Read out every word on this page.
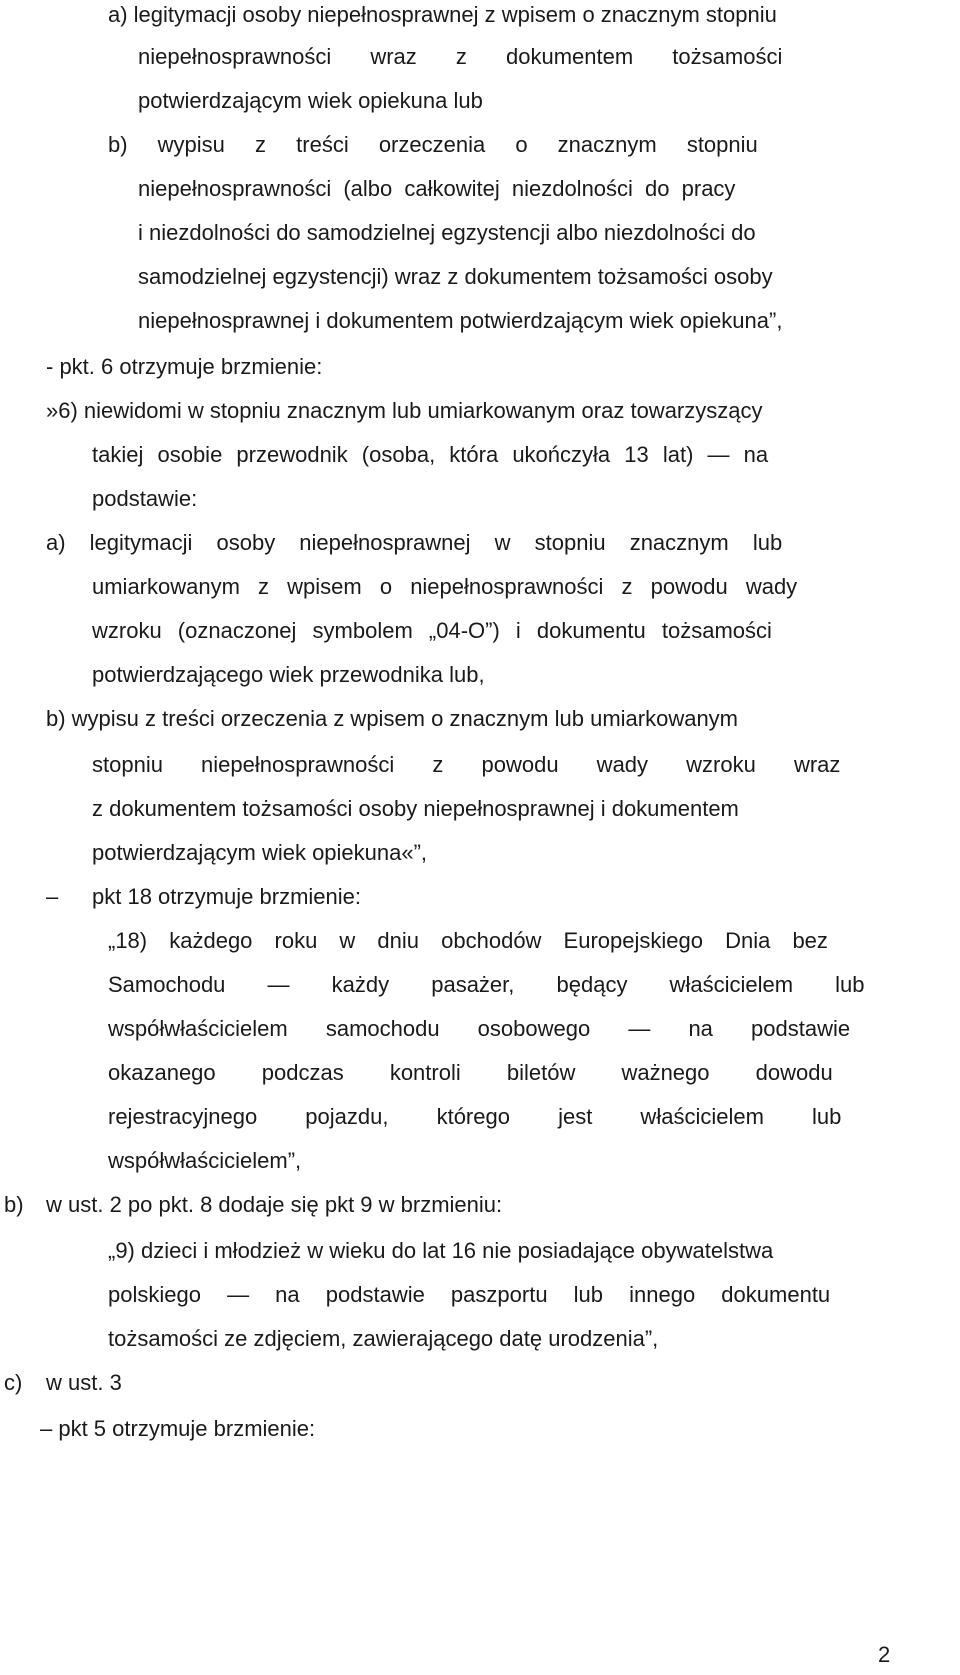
a) legitymacji osoby niepełnosprawnej z wpisem o znacznym stopniu
niepełnosprawności wraz z dokumentem tożsamości
potwierdzającym wiek opiekuna lub
b) wypisu z treści orzeczenia o znacznym stopniu
niepełnosprawności (albo całkowitej niezdolności do pracy
i niezdolności do samodzielnej egzystencji albo niezdolności do
samodzielnej egzystencji) wraz z dokumentem tożsamości osoby
niepełnosprawnej i dokumentem potwierdzającym wiek opiekuna”,
- pkt. 6 otrzymuje brzmienie:
»6) niewidomi w stopniu znacznym lub umiarkowanym oraz towarzyszący
takiej osobie przewodnik (osoba, która ukończyła 13 lat) — na
podstawie:
a) legitymacji osoby niepełnosprawnej w stopniu znacznym lub
umiarkowanym z wpisem o niepełnosprawności z powodu wady
wzroku (oznaczonej symbolem „04-O”) i dokumentu tożsamości
potwierdzającego wiek przewodnika lub,
b) wypisu z treści orzeczenia z wpisem o znacznym lub umiarkowanym
stopniu niepełnosprawności z powodu wady wzroku wraz
z dokumentem tożsamości osoby niepełnosprawnej i dokumentem
potwierdzającym wiek opiekuna«”,
– pkt 18 otrzymuje brzmienie:
„18) każdego roku w dniu obchodów Europejskiego Dnia bez
Samochodu — każdy pasażer, będący właścicielem lub
współwłaścicielem samochodu osobowego — na podstawie
okazanego podczas kontroli biletów ważnego dowodu
rejestracyjnego pojazdu, którego jest właścicielem lub
współwłaścicielem”,
b) w ust. 2 po pkt. 8 dodaje się pkt 9 w brzmieniu:
„9) dzieci i młodzież w wieku do lat 16 nie posiadające obywatelstwa
polskiego — na podstawie paszportu lub innego dokumentu
tożsamości ze zdjęciem, zawierającego datę urodzenia”,
c) w ust. 3
– pkt 5 otrzymuje brzmienie:
2
